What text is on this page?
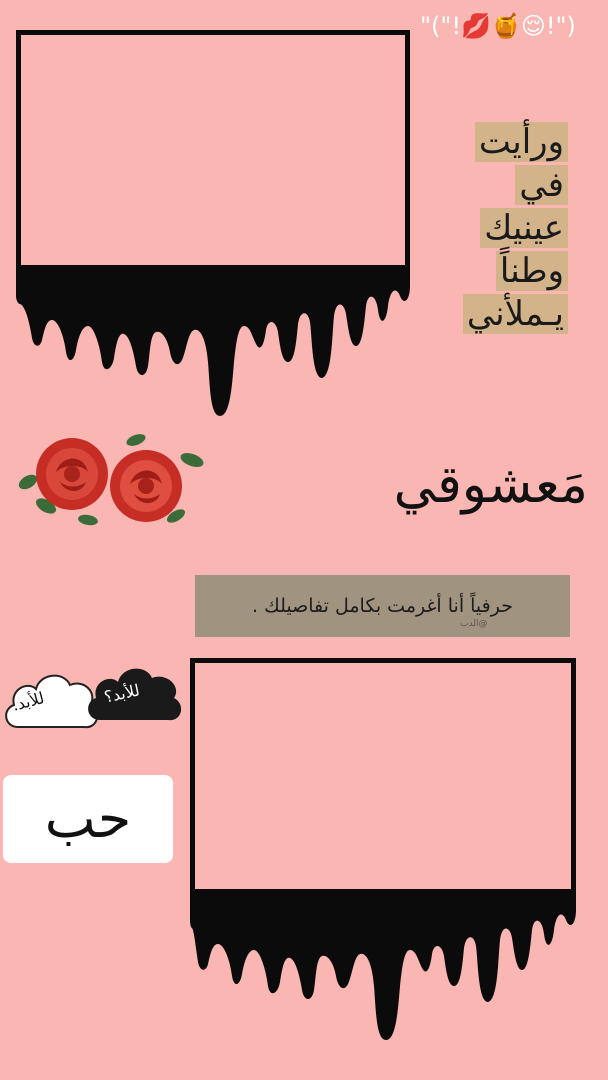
("!😌🍯💋!")"
ورأيت
في
عينيك
وطناً
يـملأني
مَعشوقي
حرفياً أنا أغرمت بكامل تفاصيلك .
@الدب
للأبد.	للأبد؟
حب
